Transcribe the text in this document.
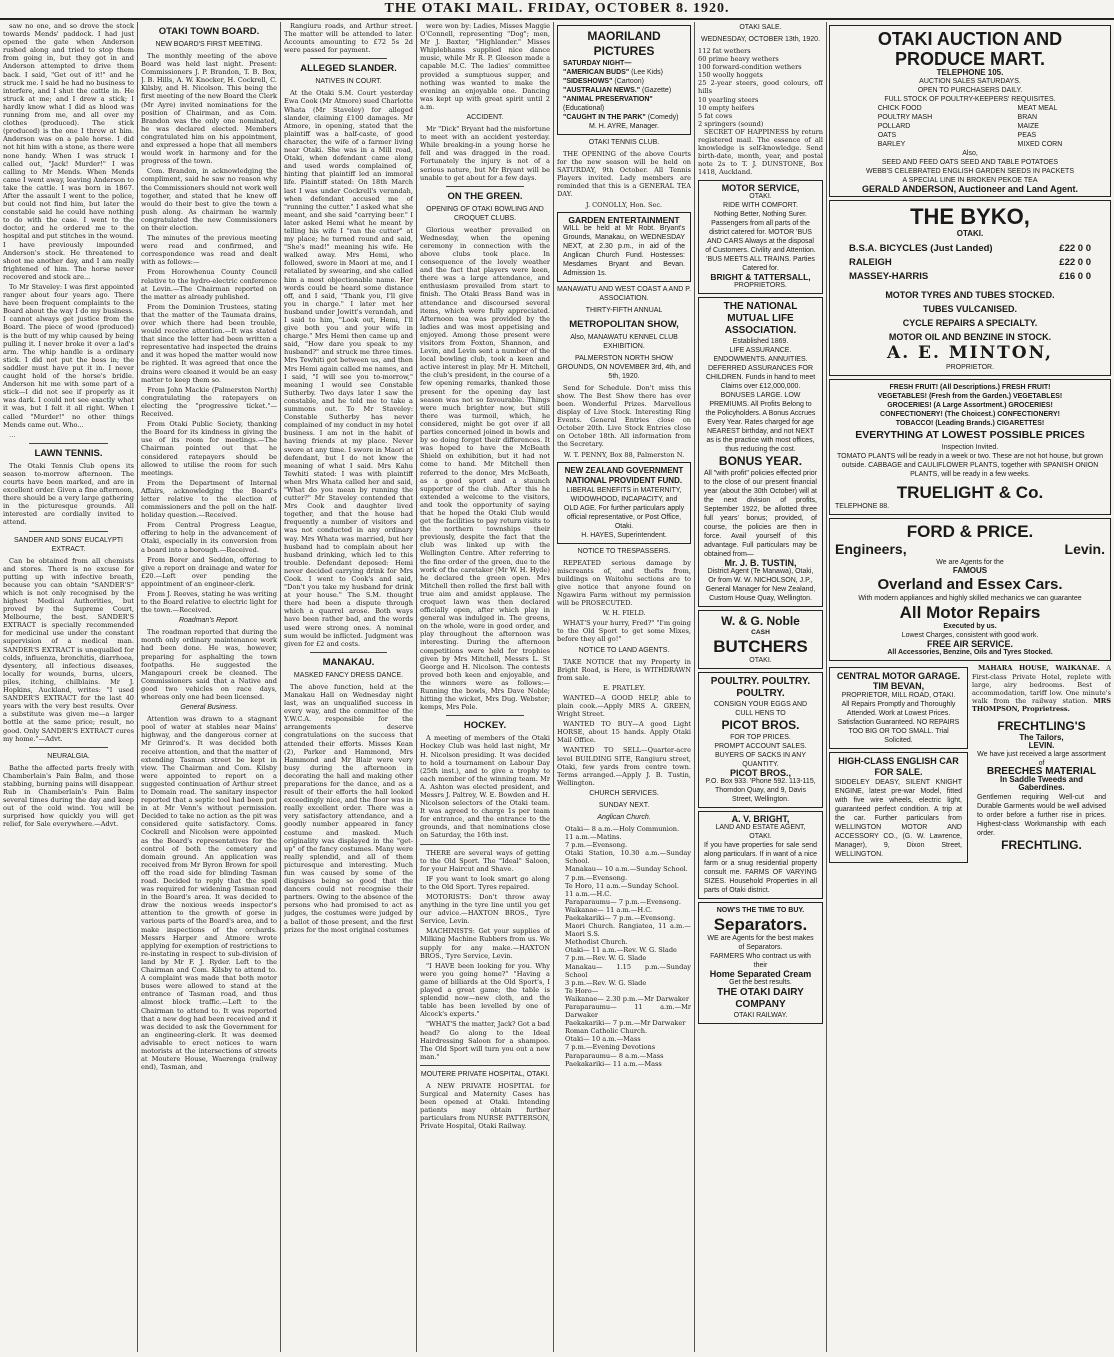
THE OTAKI MAIL. FRIDAY, OCTOBER 8. 1920.

saw no one, and so drove the stock towards Mends' paddock. I had just opened the gate when Anderson rushed along and tried to stop them from going in, but they got in and Anderson attempted to drive them back. I said, "Get out of it!" and he struck me. I said he had no business to interfere, and I shut the cattle in. He struck at me; and I drew a stick; I hardly know what I did as blood was running from me, and all over my clothes (produced). The stick (produced) is the one I threw at him. Anderson was on a pale horse. I did not hit him with a stone, as there were none handy. When I was struck I called out, "Jack! Murder!" I was calling to Mr Mends. When Mends came I went away, leaving Anderson to take the cattle. I was born in 1867. After the assault I went to the police, but could not find him, but later the constable said he could have nothing to do with the case. I went to the doctor, and he ordered me to the hospital and put stitches in the wound. I have previously impounded Anderson's stock. He threatened to shoot me another day, and I am really frightened of him. The horse never recovered and stock are...

To Mr Staveley: I was first appointed ranger about four years ago. There have been frequent complaints to the Board about the way I do my business. I cannot always get justice from the Board. The piece of wood (produced) is the butt of my whip caused by being pulling it. I never broke it over a lad's arm. The whip handle is a ordinary stick. I did not put the boss in; the saddler must have put it in. I never caught hold of the horse's bridle. Anderson hit me with some part of a stick—I did not see if properly as it was dark. I could not see exactly what it was, but I felt it all right. When I called "Murder!" no other things Mends came out. Who...

…

LAWN TENNIS.

The Otaki Tennis Club opens its season to-morrow afternoon. The courts have been marked, and are in excellent order. Given a fine afternoon, there should be a very large gathering in the picturesque grounds. All interested are cordially invited to attend.

SANDER AND SONS' EUCALYPTI EXTRACT.

Can be obtained from all chemists and stores. There is no excuse for putting up with infective breath, because you can obtain "SANDER'S" which is not only recognised by the highest Medical Authorities, but proved by the Supreme Court, Melbourne, the best. SANDER'S EXTRACT is specially recommended for medicinal use under the constant supervision of a medical man. SANDER'S EXTRACT is unequalled for colds, influenza, bronchitis, diarrhoea, dysentery, all infectious diseases, locally for wounds, burns, ulcers, piles, itching, chilblains. Mr J. Hopkins, Auckland, writes: "I used SANDER'S EXTRACT for the last 40 years with the very best results. Over a substitute was given me—a larger bottle at the same price; result, no good. Only SANDER'S EXTRACT cures my home."—Advt.

NEURALGIA.

Bathe the affected parts freely with Chamberlain's Pain Balm, and those stabbing, burning pains will disappear. Rub in Chamberlain's Pain Balm several times during the day and keep out of the cold wind. You will be surprised how quickly you will get relief, for Sale everywhere.—Advt.

OTAKI TOWN BOARD.
NEW BOARD'S FIRST MEETING.

The monthly meeting of the above Board was held last night. Present: Commissioners J. P. Brandon, T. B. Box, J. B. Hills, A. W. Knocker, H. Cockrell, C. Kilsby, and H. Nicolson. This being the first meeting of the new Board the Clerk (Mr Ayre) invited nominations for the position of Chairman, and as Com. Brandon was the only one nominated, he was declared elected. Members congratulated him on his appointment, and expressed a hope that all members would work in harmony and for the progress of the town.

Com. Brandon, in acknowledging the compliment, said he saw no reason why the Commissioners should not work well together, and stated that he knew off would do their best to give the town a push along. As chairman he warmly congratulated the new Commissioners on their election.

The minutes of the previous meeting were read and confirmed, and correspondence was read and dealt with as follows:—

From Horowhenua County Council relative to the hydro-electric conference at Levin.—The Chairman reported on the matter as already published.

From the Dominion Trustees, stating that the matter of the Taumata drains, over which there had been trouble, would receive attention.—It was stated that since the letter had been written a representative had inspected the drains and it was hoped the matter would now be righted. It was agreed that once the drains were cleaned it would be an easy matter to keep them so.

From John Mackie (Palmerston North) congratulating the ratepayers on electing the "progressive ticket."—Received.

From Otaki Public Society, thanking the Board for its kindness in giving the use of its room for meetings.—The Chairman pointed out that he considered ratepayers should be allowed to utilise the room for such meetings.

From the Department of Internal Affairs, acknowledging the Board's letter relative to the election of commissioners and the poll on the half-holiday question.—Received.

From Central Progress League, offering to help in the advancement of Otaki, especially in its conversion from a board into a borough.—Received.

From Borer and Seddon, offering to give a report on drainage and water for £20.—Left over pending the appointment of an engineer-clerk.

From J. Reeves, stating he was writing to the Board relative to electric light for the town.—Received.

Roadman's Report.

The roadman reported that during the month only ordinary maintenance work had been done. He was, however, preparing for asphalting the town footpaths. He suggested the Mangapouri creek be cleaned. The Commissioners said that a Native and good two vehicles on race days, whereas only one had been licensed.

General Business.

Attention was drawn to a stagnant pool of water at stables near Mains' highway, and the dangerous corner at Mr Grinrod's. It was decided both receive attention, and that the matter of extending Tasman street be kept in view. The Chairman and Com. Kilsby were appointed to report on a suggested continuation of Arthur street to Domain road. The sanitary inspector reported that a septic tool had been put in at Mr Venn's without permission. Decided to take no action as the pit was considered quite satisfactory. Coms. Cockrell and Nicolson were appointed as the Board's representatives for the control of both the cemetery and domain ground. An application was received from Mr Byron Brown for spoil off the road side for blinding Tasman road. Decided to reply that the spoil was required for widening Tasman road in the Board's area. It was decided to draw the noxious weeds inspector's attention to the growth of gorse in various parts of the Board's area, and to make inspections of the orchards. Messrs Harper and Atmore wrote applying for exemption of restrictions to re-instating in respect to sub-division of land by Mr F. J. Ryder. Left to the Chairman and Com. Kilsby to attend to. A complaint was made that both motor buses were allowed to stand at the entrance of Tasman road, and thus almost block traffic.—Left to the Chairman to attend to. It was reported that a new dog had been received and it was decided to ask the Government for an engineering-clerk. It was deemed advisable to erect notices to warn motorists at the intersections of streets at Moutere House, Waerenga (railway end), Tasman, and

Rangiuru roads, and Arthur street. The matter will be attended to later. Accounts amounting to £72 5s 2d were passed for payment.

ALLEGED SLANDER.
NATIVES IN COURT.

At the Otaki S.M. Court yesterday Ewa Cook (Mr Atmore) sued Charlotte Whata (Mr Staveley) for alleged slander, claiming £100 damages. Mr Atmore, in opening, stated that the plaintiff was a half-caste, of good character, the wife of a farmer living near Otaki. She was in a Mill road, Otaki, when defendant came along and used words complained of, hinting that plaintiff led an immoral life. Plaintiff stated: On 18th March last I was under Cockrell's verandah, when defendant accused me of "running the cutter." I asked what she meant, and she said "carrying beer." I later asked Hemi what he meant by telling his wife I "ran the cutter" at my place; he turned round and said, "She's mad!" meaning his wife. He walked away. Mrs Hemi, who followed, swore in Maori at me, and I retaliated by swearing, and she called him a most objectionable name. Her words could be heard some distance off, and I said, "Thank you, I'll give you in charge." I later met her husband under Jowitt's verandah, and I said to him, "Look out, Hemi, I'll give both you and your wife in charge." Mrs Hemi then came up and said, "How dare you speak to my husband?" and struck me three times. Mrs Tewhiti got between us, and then Mrs Hemi again called me names, and I said, "I will see you to-morrow," meaning I would see Constable Sutherby. Two days later I saw the constable, and he told me to take a summons out. To Mr Staveley: Constable Sutherby has never complained of my conduct in my hotel business. I am not in the habit of having friends at my place. Never swore at any time. I swore in Maori at defendant, but I do not know the meaning of what I said. Mrs Kahu Tewhiti stated: I was with plaintiff when Mrs Whata called her and said, "What do you mean by running the cutter?" Mr Staveley contended that Mrs Cook and daughter lived together, and that the house had frequently a number of visitors and was not conducted in any ordinary way. Mrs Whata was married, but her husband had to complain about her husband drinking, which led to this trouble. Defendant deposed: Hemi never decided carrying drink for Mrs Cook. I went to Cook's and said, "Don't you take my husband for drink at your house." The S.M. thought there had been a dispute through which a quarrel arose. Both ways have been rather bad, and the words used were strong ones. A nominal sum would be inflicted. Judgment was given for £2 and costs.

MANAKAU.
MASKED FANCY DRESS DANCE.

The above function, held at the Manakau Hall on Wednesday night last, was an unqualified success in every way, and the committee of the Y.W.C.A. responsible for the arrangements deserve congratulations on the success that attended their efforts. Misses Kean (2), Parker and Hammond, Mrs Hammond and Mr Blair were very busy during the afternoon in decorating the hall and making other preparations for the dance, and as a result of their efforts the hall looked exceedingly nice, and the floor was in really excellent order. There was a very satisfactory attendance, and a goodly number appeared in fancy costume and masked. Much originality was displayed in the "get-up" of the fancy costumes. Many were really splendid, and all of them picturesque and interesting. Much fun was caused by some of the disguises being so good that the dancers could not recognise their partners. Owing to the absence of the persons who had promised to act as judges, the costumes were judged by a ballot of those present, and the first prizes for the most original costumes

were won by: Ladies, Misses Maggie O'Connell, representing "Dog"; men, Mr J. Baxter, "Highlander." Misses Whiplebhams supplied nice dance music, while Mr R. P. Gleeson made a capable M.C. The ladies' committee provided a sumptuous supper, and nothing was wanted to make the evening an enjoyable one. Dancing was kept up with great spirit until 2 a.m.

ACCIDENT.

Mr "Dick" Bryant had the misfortune to meet with an accident yesterday. While breaking-in a young horse he fell and was dragged in the road. Fortunately the injury is not of a serious nature, but Mr Bryant will be unable to get about for a few days.

ON THE GREEN.
OPENING OF OTAKI BOWLING AND CROQUET CLUBS.

Glorious weather prevailed on Wednesday, when the opening ceremony in connection with the above clubs took place. In consequence of the lovely weather and the fact that players were keen, there was a large attendance, and enthusiasm prevailed from start to finish. The Otaki Brass Band was in attendance and discoursed several items, which were fully appreciated. Afternoon tea was provided by the ladies and was most appetising and enjoyed. Among those present were visitors from Foxton, Shannon, and Levin, and Levin sent a number of the local bowling club, took a keen and active interest in play. Mr H. Mitchell, the club's president, in the course of a few opening remarks, thanked those present for the opening day last season was not so favourable. Things were much brighter now, but still there was turmoil, which, he considered, might be got over if all parties concerned joined in bowls and by so doing forget their differences. It was hoped to have the McBeath Shield on exhibition, but it had not come to hand. Mr Mitchell then referred to the donor, Mrs McBeath, as a good sport and a staunch supporter of the club. After this he extended a welcome to the visitors, and took the opportunity of saying that he hoped the Otaki Club would get the facilities to pay return visits to the northern townships their previously, despite the fact that the club was linked up with the Wellington Centre. After referring to the fine order of the green, due to the work of the caretaker (Mr W. H. Hyde) he declared the green open. Mrs Mitchell then rolled the first ball with true aim and amidst applause. The croquet lawn was then declared officially open, after which play in general was indulged in. The greens, on the whole, were in good order, and play throughout the afternoon was interesting. During the afternoon competitions were held for trophies given by Mrs Mitchell, Messrs L. St George and H. Nicolson. The contests proved both keen and enjoyable, and the winners were as follows:—Running the bowls, Mrs Dave Noble; hitting the wicket, Mrs Dug. Webster; kemps, Mrs Pole.

HOCKEY.

A meeting of members of the Otaki Hockey Club was held last night, Mr H. Nicolson presiding. It was decided to hold a tournament on Labour Day (25th inst.), and to give a trophy to each member of the winning team. Mr A. Ashton was elected president, and Messrs J. Paltrey, W. E. Bowden and H. Nicolson selectors of the Otaki team. It was agreed to charge 1s per team for entrance, and the entrance to the grounds, and that nominations close on Saturday, the 16th inst.

THERE are several ways of getting to the Old Sport. The "Ideal" Saloon, for your Haircut and Shave.

IF you want to look smart go along to the Old Sport. Tyres repaired.

MOTORISTS: Don't throw away anything in the tyre line until you get our advice.—HAXTON BROS., Tyre Service, Levin.

MACHINISTS: Get your supplies of Milking Machine Rubbers from us. We supply for any make.—HAXTON BROS., Tyre Service, Levin.

"I HAVE been looking for you. Why were you going home?" "Having a game of billiards at the Old Sport's, I played a great game; the table is splendid now—new cloth, and the table has been levelled by one of Alcock's experts."

"WHAT'S the matter, Jack? Got a bad head? Go along to the Ideal Hairdressing Saloon for a shampoo. The Old Sport will turn you out a new man."

MOUTERE PRIVATE HOSPITAL, OTAKI.

A NEW PRIVATE HOSPITAL for Surgical and Maternity Cases has been opened at Otaki. Intending patients may obtain further particulars from NURSE PATTERSON, Private Hospital, Otaki Railway.

MAORILAND PICTURES
SATURDAY NIGHT—
"AMERICAN BUDS" (Lee Kids)
"SIDESHOWS" (Cartoon)
"AUSTRALIAN NEWS." (Gazette)
"ANIMAL PRESERVATION" (Educational)
"CAUGHT IN THE PARK" (Comedy)
M. H. AYRE, Manager.
OTAKI TENNIS CLUB.

THE OPENING of the above Courts for the new season will be held on SATURDAY, 9th October. All Tennis Players invited. Lady members are reminded that this is a GENERAL TEA DAY.

J. CONOLLY, Hon. Sec.

GARDEN ENTERTAINMENT
WILL be held at Mr Robt. Bryant's Grounds, Manakau, on WEDNESDAY NEXT, at 2.30 p.m., in aid of the Anglican Church Fund. Hostesses: Mesdames Bryant and Bevan. Admission 1s.
MANAWATU AND WEST COAST A AND P. ASSOCIATION.
THIRTY-FIFTH ANNUAL
METROPOLITAN SHOW,
Also, MANAWATU KENNEL CLUB EXHIBITION.
PALMERSTON NORTH SHOW GROUNDS, ON NOVEMBER 3rd, 4th, and 5th, 1920.

Send for Schedule. Don't miss this show. The Best Show there has ever been. Wonderful Prizes. Marvellous display of Live Stock. Interesting Ring Events. General Entries close on October 20th. Live Stock Entries close on October 18th. All information from the Secretary.

W. T. PENNY, Box 88, Palmerston N.

NEW ZEALAND GOVERNMENT NATIONAL PROVIDENT FUND.
LIBERAL BENEFITS in MATERNITY, WIDOWHOOD, INCAPACITY, and OLD AGE. For further particulars apply official representative, or Post Office, Otaki.
H. HAYES, Superintendent.
NOTICE TO TRESPASSERS.

REPEATED serious damage by miscreants of, and thefts from, buildings on Waitohu sections are to give notice that anyone found on Ngawira Farm without my permission will be PROSECUTED.

W. H. FIELD.

WHAT'S your hurry, Fred?" "I'm going to the Old Sport to get some Mixes, before they all go!"

NOTICE TO LAND AGENTS.

TAKE NOTICE that my Property in Bright Road, is Here, is WITHDRAWN from sale.

E. PRATLEY.

WANTED—A GOOD HELP, able to plain cook.—Apply MRS A. GREEN, Wright Street.

WANTED TO BUY—A good Light HORSE, about 15 hands. Apply Otaki Mail Office.

WANTED TO SELL—Quarter-acre level BUILDING SITE, Rangiuru street, Otaki, few yards from centre town. Terms arranged.—Apply J. B. Tustin, Wellington.

CHURCH SERVICES.
SUNDAY NEXT.
Anglican Church.
Otaki— 8 a.m.—Holy Communion.
11 a.m.—Matins.
7 p.m.—Evensong.
Otaki Station, 10.30 a.m.—Sunday School.
Manakau— 10 a.m.—Sunday School.
7 p.m.—Evensong.
Te Horo, 11 a.m.—Sunday School.
11 a.m.—H.C.
Paraparaumu— 7 p.m.—Evensong.
Waikanae— 11 a.m.—H.C.
Paekakariki— 7 p.m.—Evensong.
Maori Church. Rangiatea, 11 a.m.—Maori S.S.
Methodist Church.
Otaki— 11 a.m.—Rev. W. G. Slade
7 p.m.—Rev. W. G. Slade
Manakau— 1.15 p.m.—Sunday School
3 p.m.—Rev. W. G. Slade
Te Horo—
Waikanae— 2.30 p.m.—Mr Darwaker
Paraparaumu— 11 a.m.—Mr Darwaker
Paekakariki— 7 p.m.—Mr Darwaker
Roman Catholic Church.
Otaki— 10 a.m.—Mass
7 p.m.—Evening Devotions
Paraparaumu— 8 a.m.—Mass
Paekakariki— 11 a.m.—Mass
OTAKI SALE.
WEDNESDAY, OCTOBER 13th, 1920.
112 fat wethers
60 prime heavy wethers
100 forward-condition wethers
150 woolly hoggets
25 2-year steers, good colours, off hills
10 yearling steers
10 empty heifers
5 fat cows
2 springers (sound)

SECRET OF HAPPINESS by return registered mail. The essence of all knowledge is self-knowledge. Send birth-date, month, year, and postal note 2s to T. J. DUNSTONE, Box 1418, Auckland.

MOTOR SERVICE,
OTAKI.
RIDE WITH COMFORT.
Nothing Better, Nothing Surer. Passengers from all parts of the district catered for. MOTOR 'BUS AND CARS Always at the disposal of Customers. Civility and Attention. 'BUS MEETS ALL TRAINS. Parties Catered for.
BRIGHT & TATTERSALL,
PROPRIETORS.
THE NATIONAL MUTUAL LIFE ASSOCIATION.
Established 1869.
LIFE ASSURANCE. ENDOWMENTS. ANNUITIES. DEFERRED ASSURANCES FOR CHILDREN. Funds in hand to meet Claims over £12,000,000. BONUSES LARGE. LOW PREMIUMS. All Profits Belong to the Policyholders. A Bonus Accrues Every Year. Rates charged for age NEAREST birthday, and not NEXT as is the practice with most offices, thus reducing the cost.
BONUS YEAR.
All "with profit" policies effected prior to the close of our present financial year (about the 30th October) will at the next division of profits, September 1922, be allotted three full years' bonus; provided, of course, the policies are then in force. Avail yourself of this advantage. Full particulars may be obtained from—
Mr. J. B. TUSTIN,
District Agent (Te Manawa), Otaki, Or from W. W. NICHOLSON, J.P., General Manager for New Zealand, Custom House Quay, Wellington.
W. & G. Noble
CASH
BUTCHERS
OTAKI.
POULTRY. POULTRY. POULTRY.
CONSIGN YOUR EGGS AND CULL HENS TO
PICOT BROS.
FOR TOP PRICES.
PROMPT ACCOUNT SALES.
BUYERS OF SACKS IN ANY QUANTITY.
PICOT BROS.,
P.O. Box 933. 'Phone 592. 113-115, Thorndon Quay, and 9, Davis Street, Wellington.
A. V. BRIGHT,
LAND AND ESTATE AGENT, OTAKI.
If you have properties for sale send along particulars. If in want of a nice farm or a snug residential property consult me. FARMS OF VARYING SIZES. Household Properties in all parts of Otaki district.
NOW'S THE TIME TO BUY.
Separators.
WE are Agents for the best makes of Separators.
FARMERS Who contract us with their
Home Separated Cream
Get the best results.
THE OTAKI DAIRY COMPANY
OTAKI RAILWAY.
OTAKI AUCTION AND PRODUCE MART.
TELEPHONE 105.
AUCTION SALES SATURDAYS.
OPEN TO PURCHASERS DAILY.
FULL STOCK OF POULTRY-KEEPERS' REQUISITES.
CHICK FOOD
POULTRY MASH
POLLARD
OATS
BARLEY
MEAT MEAL
BRAN
MAIZE
PEAS
MIXED CORN
Also,
SEED AND FEED OATS SEED AND TABLE POTATOES
WEBB'S CELEBRATED ENGLISH GARDEN SEEDS IN PACKETS
A SPECIAL LINE IN BROKEN PEKOE TEA
GERALD ANDERSON, Auctioneer and Land Agent.
THE BYKO,
OTAKI.
B.S.A. BICYCLES (Just Landed)	£22 0 0
RALEIGH	£22 0 0
MASSEY-HARRIS	£16 0 0
MOTOR TYRES AND TUBES STOCKED.
TUBES VULCANISED.
CYCLE REPAIRS A SPECIALTY.
MOTOR OIL AND BENZINE IN STOCK.
A. E. MINTON,
PROPRIETOR.
FRESH FRUIT! (All Descriptions.) FRESH FRUIT!
VEGETABLES! (Fresh from the Garden.) VEGETABLES!
GROCERIES! (A Large Assortment.) GROCERIES!
CONFECTIONERY! (The Choicest.) CONFECTIONERY!
TOBACCO! (Leading Brands.) CIGARETTES!
EVERYTHING AT LOWEST POSSIBLE PRICES
Inspection Invited.
TOMATO PLANTS will be ready in a week or two. These are not hot house, but grown outside. CABBAGE and CAULIFLOWER PLANTS, together with SPANISH ONION PLANTS, will be ready in a few weeks.
TRUELIGHT & Co.
TELEPHONE 88.
FORD & PRICE.
Engineers,	Levin.
We are Agents for the
FAMOUS
Overland and Essex Cars.
With modern appliances and highly skilled mechanics we can guarantee
All Motor Repairs
Executed by us.
Lowest Charges, consistent with good work.
FREE AIR SERVICE.
All Accessories, Benzine, Oils and Tyres Stocked.
CENTRAL MOTOR GARAGE.
TIM BEVAN,
PROPRIETOR, MILL ROAD, OTAKI.
All Repairs Promptly and Thoroughly Attended. Work at Lowest Prices. Satisfaction Guaranteed. NO REPAIRS TOO BIG OR TOO SMALL. Trial Solicited.
HIGH-CLASS ENGLISH CAR FOR SALE.
SIDDELEY DEASY, SILENT KNIGHT ENGINE, latest pre-war Model, fitted with five wire wheels, electric light, guaranteed perfect condition. A trip at the car. Further particulars from WELLINGTON MOTOR AND ACCESSORY CO., (G. W. Lawrence, Manager), 9, Dixon Street, WELLINGTON.

MAHARA HOUSE, WAIKANAE. A First-class Private Hotel, replete with large, airy bedrooms. Best of accommodation, tariff low. One minute's walk from the railway station. MRS THOMPSON, Proprietress.

FRECHTLING'S
The Tailors,
LEVIN.
We have just received a large assortment of
BREECHES MATERIAL
In Saddle Tweeds and Gaberdines.
Gentlemen requiring Well-cut and Durable Garments would be well advised to order before a further rise in prices. Highest-class Workmanship with each order.
FRECHTLING.
